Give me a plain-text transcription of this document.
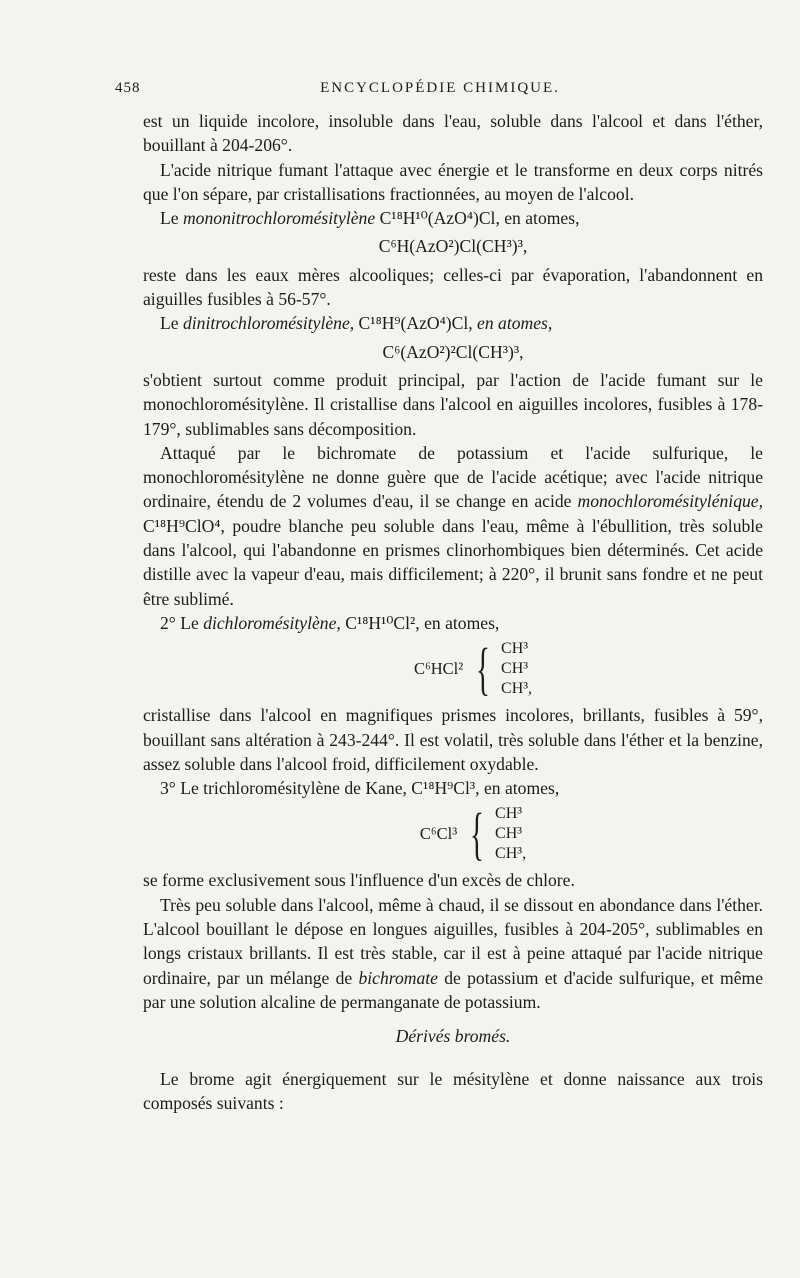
458	ENCYCLOPÉDIE CHIMIQUE.

est un liquide incolore, insoluble dans l'eau, soluble dans l'alcool et dans l'éther, bouillant à 204-206°.

L'acide nitrique fumant l'attaque avec énergie et le transforme en deux corps nitrés que l'on sépare, par cristallisations fractionnées, au moyen de l'alcool.

Le mononitrochloromésitylène C¹⁸H¹⁰(AzO⁴)Cl, en atomes,

C⁶H(AzO²)Cl(CH³)³,

reste dans les eaux mères alcooliques; celles-ci par évaporation, l'abandonnent en aiguilles fusibles à 56-57°.

Le dinitrochloromésitylène, C¹⁸H⁹(AzO⁴)Cl, en atomes,

C⁶(AzO²)²Cl(CH³)³,

s'obtient surtout comme produit principal, par l'action de l'acide fumant sur le monochloromésitylène. Il cristallise dans l'alcool en aiguilles incolores, fusibles à 178-179°, sublimables sans décomposition.

Attaqué par le bichromate de potassium et l'acide sulfurique, le monochloromésitylène ne donne guère que de l'acide acétique; avec l'acide nitrique ordinaire, étendu de 2 volumes d'eau, il se change en acide monochloromésitylénique, C¹⁸H⁹ClO⁴, poudre blanche peu soluble dans l'eau, même à l'ébullition, très soluble dans l'alcool, qui l'abandonne en prismes clinorhombiques bien déterminés. Cet acide distille avec la vapeur d'eau, mais difficilement; à 220°, il brunit sans fondre et ne peut être sublimé.

2° Le dichloromésitylène, C¹⁸H¹⁰Cl², en atomes,

C⁶HCl² { CH³
CH³
CH³,

cristallise dans l'alcool en magnifiques prismes incolores, brillants, fusibles à 59°, bouillant sans altération à 243-244°. Il est volatil, très soluble dans l'éther et la benzine, assez soluble dans l'alcool froid, difficilement oxydable.

3° Le trichloromésitylène de Kane, C¹⁸H⁹Cl³, en atomes,

C⁶Cl³ { CH³
CH³
CH³,

se forme exclusivement sous l'influence d'un excès de chlore.

Très peu soluble dans l'alcool, même à chaud, il se dissout en abondance dans l'éther. L'alcool bouillant le dépose en longues aiguilles, fusibles à 204-205°, sublimables en longs cristaux brillants. Il est très stable, car il est à peine attaqué par l'acide nitrique ordinaire, par un mélange de bichromate de potassium et d'acide sulfurique, et même par une solution alcaline de permanganate de potassium.

Dérivés bromés.

Le brome agit énergiquement sur le mésitylène et donne naissance aux trois composés suivants :
